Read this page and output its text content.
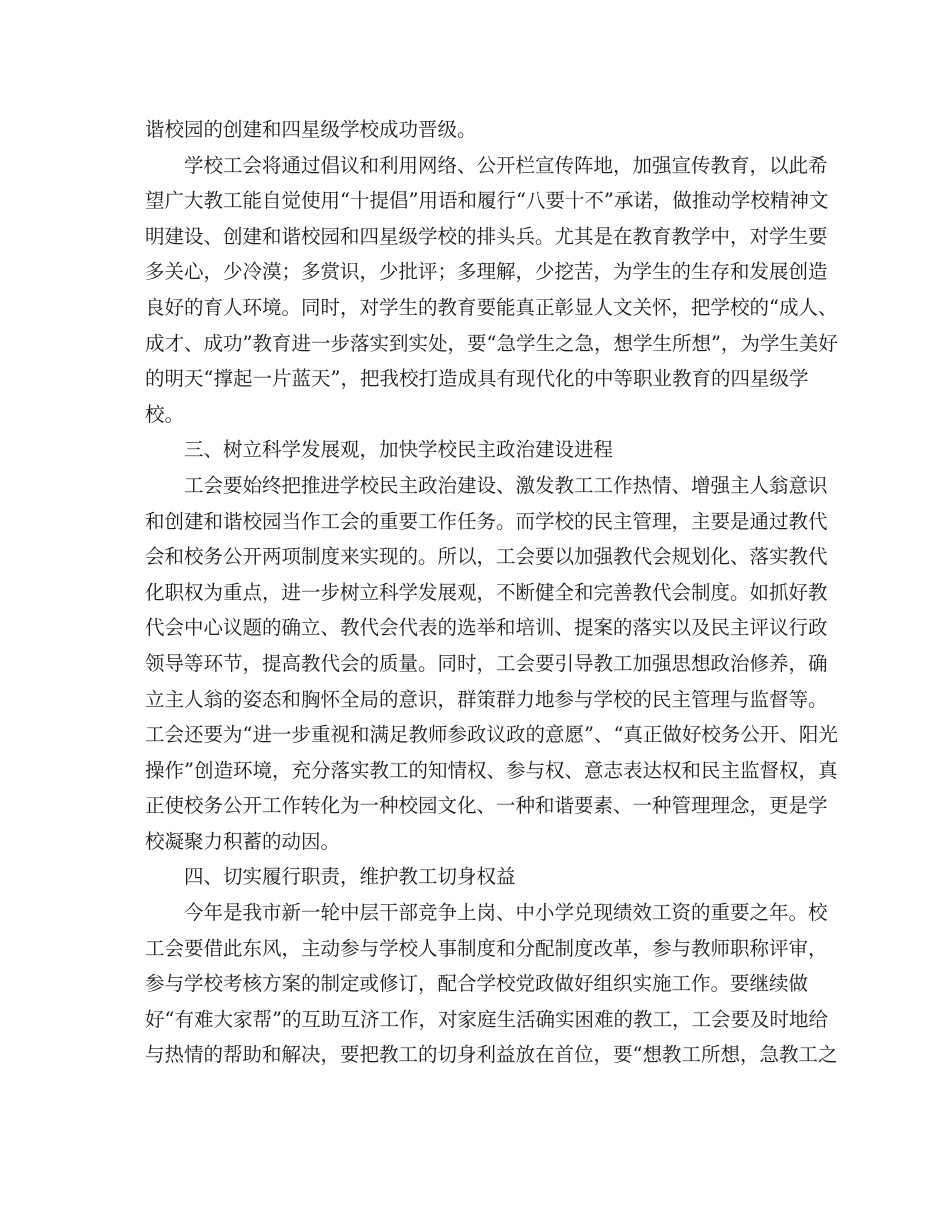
谐校园的创建和四星级学校成功晋级。
学校工会将通过倡议和利用网络、公开栏宣传阵地，加强宣传教育，以此希
望广大教工能自觉使用“十提倡”用语和履行“八要十不”承诺，做推动学校精神文
明建设、创建和谐校园和四星级学校的排头兵。尤其是在教育教学中，对学生要
多关心，少冷漠；多赏识，少批评；多理解，少挖苦，为学生的生存和发展创造
良好的育人环境。同时，对学生的教育要能真正彰显人文关怀，把学校的“成人、
成才、成功”教育进一步落实到实处，要“急学生之急，想学生所想”，为学生美好
的明天“撑起一片蓝天”，把我校打造成具有现代化的中等职业教育的四星级学
校。
三、树立科学发展观，加快学校民主政治建设进程
工会要始终把推进学校民主政治建设、激发教工工作热情、增强主人翁意识
和创建和谐校园当作工会的重要工作任务。而学校的民主管理，主要是通过教代
会和校务公开两项制度来实现的。所以，工会要以加强教代会规划化、落实教代
化职权为重点，进一步树立科学发展观，不断健全和完善教代会制度。如抓好教
代会中心议题的确立、教代会代表的选举和培训、提案的落实以及民主评议行政
领导等环节，提高教代会的质量。同时，工会要引导教工加强思想政治修养，确
立主人翁的姿态和胸怀全局的意识，群策群力地参与学校的民主管理与监督等。
工会还要为“进一步重视和满足教师参政议政的意愿”、“真正做好校务公开、阳光
操作”创造环境，充分落实教工的知情权、参与权、意志表达权和民主监督权，真
正使校务公开工作转化为一种校园文化、一种和谐要素、一种管理理念，更是学
校凝聚力积蓄的动因。
四、切实履行职责，维护教工切身权益
今年是我市新一轮中层干部竞争上岗、中小学兑现绩效工资的重要之年。校
工会要借此东风，主动参与学校人事制度和分配制度改革，参与教师职称评审，
参与学校考核方案的制定或修订，配合学校党政做好组织实施工作。要继续做
好“有难大家帮”的互助互济工作，对家庭生活确实困难的教工，工会要及时地给
与热情的帮助和解决，要把教工的切身利益放在首位，要“想教工所想，急教工之
